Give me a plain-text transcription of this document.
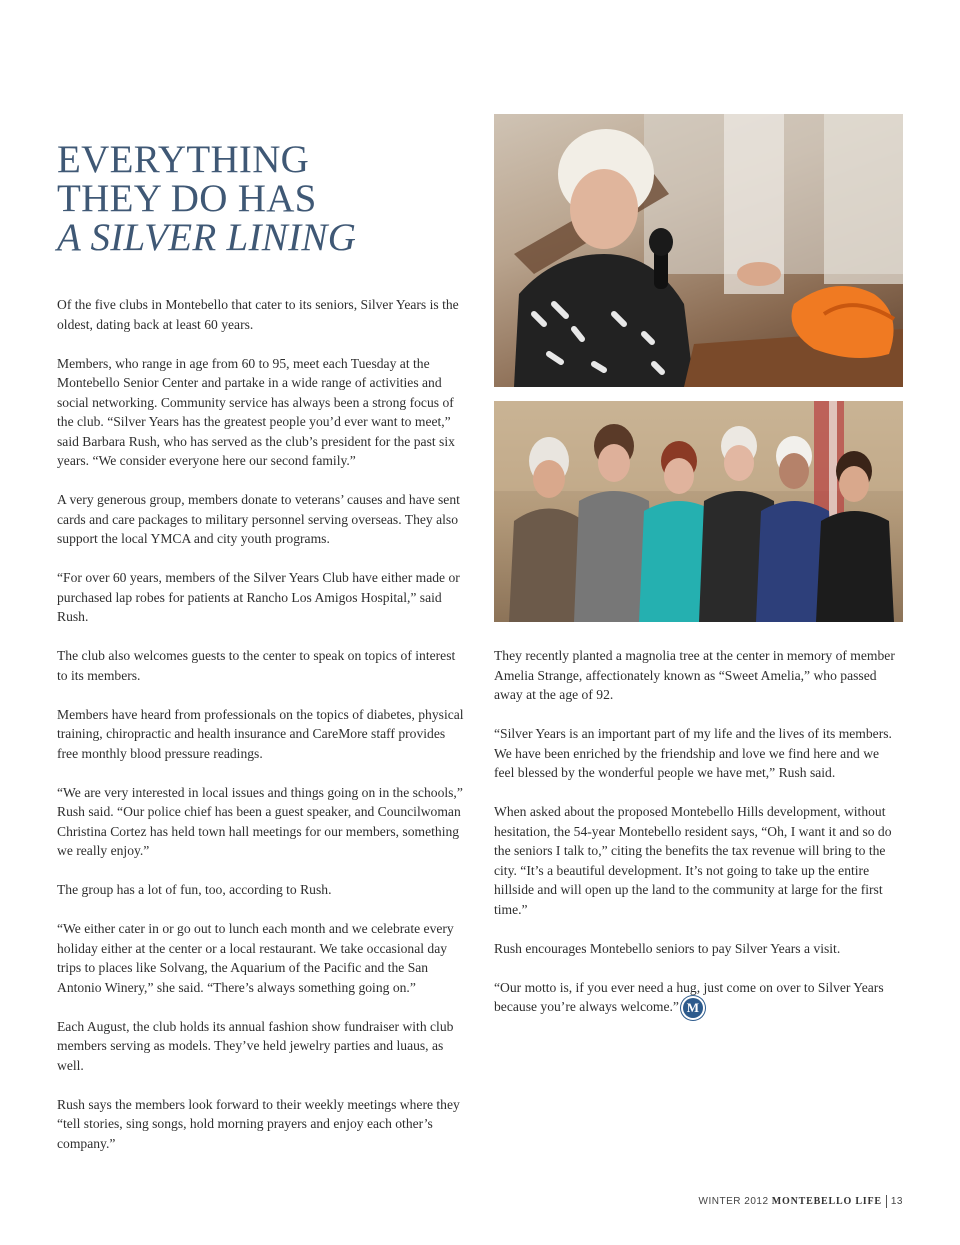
EVERYTHING
THEY DO HAS
A SILVER LINING

Of the five clubs in Montebello that cater to its seniors, Silver Years is the oldest, dating back at least 60 years.

Members, who range in age from 60 to 95, meet each Tuesday at the Montebello Senior Center and partake in a wide range of activities and social networking. Community service has always been a strong focus of the club. “Silver Years has the greatest people you’d ever want to meet,” said Barbara Rush, who has served as the club’s president for the past six years. “We consider everyone here our second family.”

A very generous group, members donate to veterans’ causes and have sent cards and care packages to military personnel serving overseas. They also support the local YMCA and city youth programs.

“For over 60 years, members of the Silver Years Club have either made or purchased lap robes for patients at Rancho Los Amigos Hospital,” said Rush.

The club also welcomes guests to the center to speak on topics of interest to its members.

Members have heard from professionals on the topics of diabetes, physical training, chiropractic and health insurance and CareMore staff provides free monthly blood pressure readings.

“We are very interested in local issues and things going on in the schools,” Rush said. “Our police chief has been a guest speaker, and Councilwoman Christina Cortez has held town hall meetings for our members, something we really enjoy.”

The group has a lot of fun, too, according to Rush.

“We either cater in or go out to lunch each month and we celebrate every holiday either at the center or a local restaurant. We take occasional day trips to places like Solvang, the Aquarium of the Pacific and the San Antonio Winery,” she said. “There’s always something going on.”

Each August, the club holds its annual fashion show fundraiser with club members serving as models. They’ve held jewelry parties and luaus, as well.

Rush says the members look forward to their weekly meetings where they “tell stories, sing songs, hold morning prayers and enjoy each other’s company.”

They recently planted a magnolia tree at the center in memory of member Amelia Strange, affectionately known as “Sweet Amelia,” who passed away at the age of 92.

“Silver Years is an important part of my life and the lives of its members. We have been enriched by the friendship and love we find here and we feel blessed by the wonderful people we have met,” Rush said.

When asked about the proposed Montebello Hills development, without hesitation, the 54-year Montebello resident says, “Oh, I want it and so do the seniors I talk to,” citing the benefits the tax revenue will bring to the city. “It’s a beautiful development. It’s not going to take up the entire hillside and will open up the land to the community at large for the first time.”

Rush encourages Montebello seniors to pay Silver Years a visit.

“Our motto is, if you ever need a hug, just come on over to Silver Years because you’re always welcome.” M

WINTER 2012 MONTEBELLO LIFE 13
